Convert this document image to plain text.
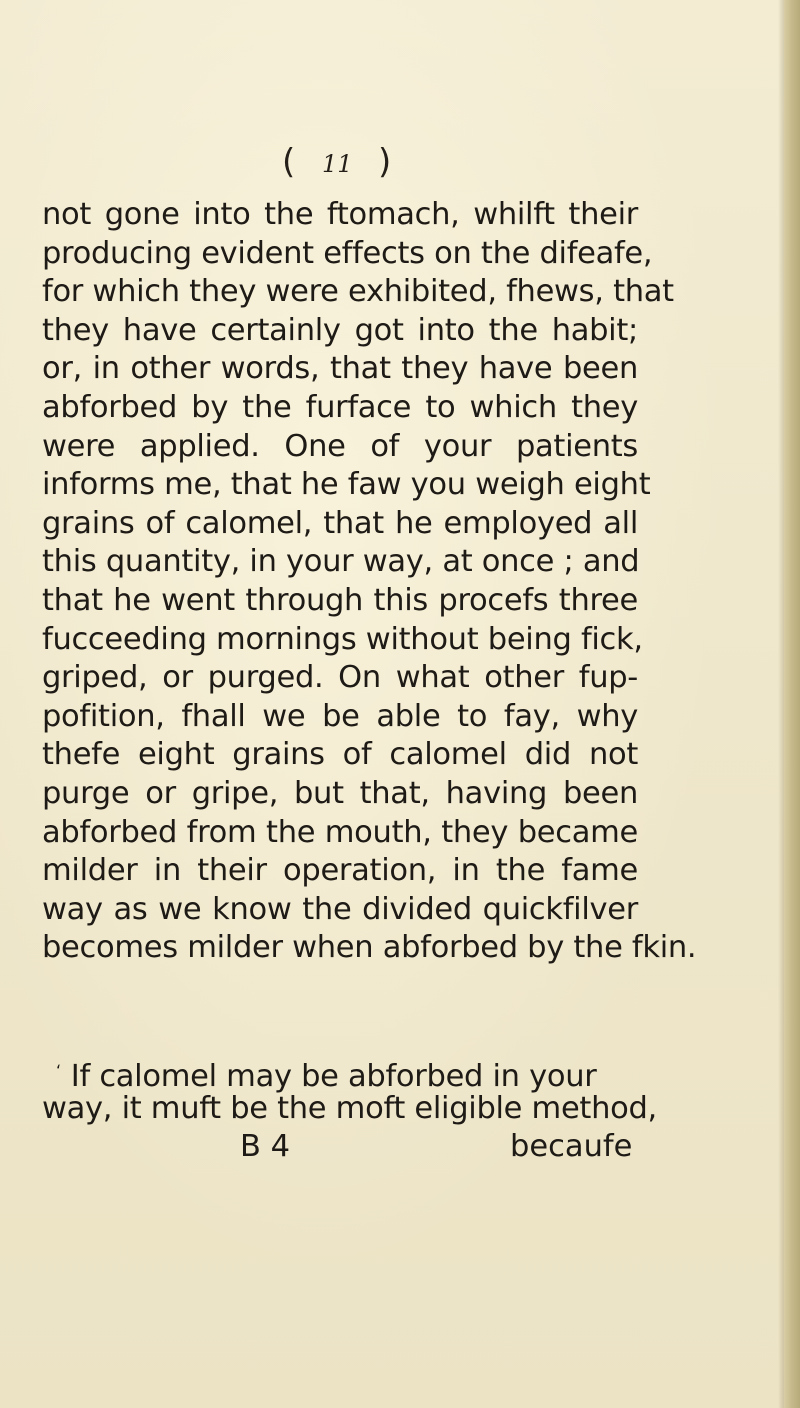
( 11 )
not gone into the ftomach, whilft their
producing evident effects on the difeafe,
for which they were exhibited, fhews, that
they have certainly got into the habit;
or, in other words, that they have been
abforbed by the furface to which they
were applied. One of your patients
informs me, that he faw you weigh eight
grains of calomel, that he employed all
this quantity, in your way, at once ; and
that he went through this procefs three
fucceeding mornings without being fick,
griped, or purged. On what other fup-
pofition, fhall we be able to fay, why
thefe eight grains of calomel did not
purge or gripe, but that, having been
abforbed from the mouth, they became
milder in their operation, in the fame
way as we know the divided quickfilver
becomes milder when abforbed by the fkin.
‘ If calomel may be abforbed in your
way, it muft be the moft eligible method,
B 4	becaufe
